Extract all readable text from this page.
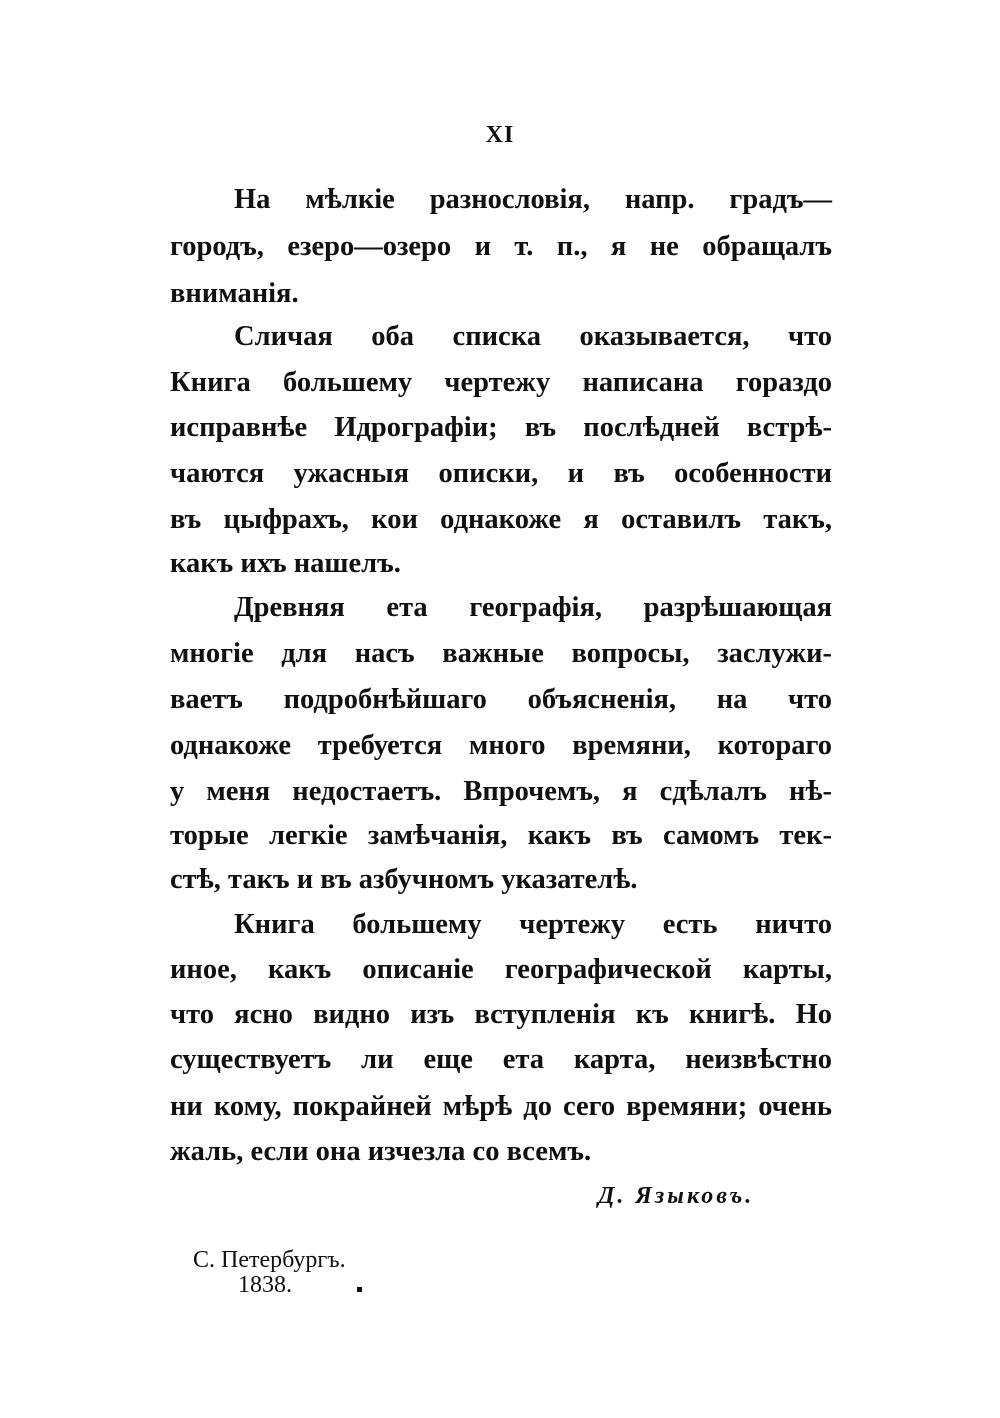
XI
На мѣлкіе разнословія, напр. градъ—
городъ, езеро—озеро и т. п., я не обращалъ
вниманія.
Сличая оба списка оказывается, что
Книга большему чертежу написана гораздо
исправнѣе Идрографіи; въ послѣдней встрѣ-
чаются ужасныя описки, и въ особенности
въ цыфрахъ, кои однакоже я оставилъ такъ,
какъ ихъ нашелъ.
Древняя ета географія, разрѣшающая
многіе для насъ важные вопросы, заслужи-
ваетъ подробнѣйшаго объясненія, на что
однакоже требуется много времяни, котораго
у меня недостаетъ. Впрочемъ, я сдѣлалъ нѣ-
торые легкіе замѣчанія, какъ въ самомъ тек-
стѣ, такъ и въ азбучномъ указателѣ.
Книга большему чертежу есть ничто
иное, какъ описаніе географической карты,
что ясно видно изъ вступленія къ книгѣ. Но
существуетъ ли еще ета карта, неизвѣстно
ни кому, покрайней мѣрѣ до сего времяни; очень
жаль, если она изчезла со всемъ.
Д. Языковъ.
С. Петербургъ.
1838.
